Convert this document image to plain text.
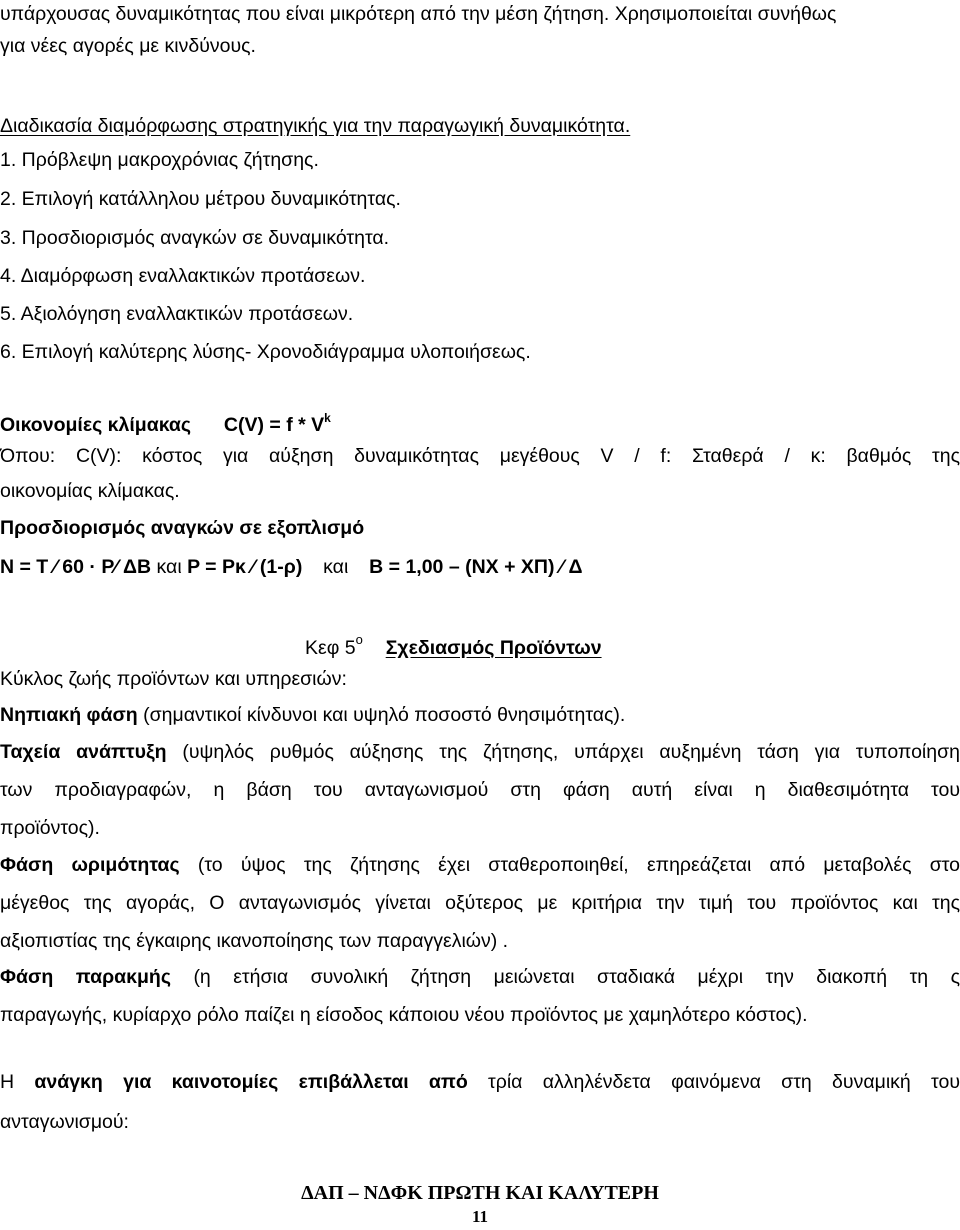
υπάρχουσας δυναμικότητας που είναι μικρότερη από την μέση ζήτηση. Χρησιμοποιείται συνήθως

για νέες αγορές με κινδύνους.

Διαδικασία διαμόρφωσης στρατηγικής για την παραγωγική δυναμικότητα.

1. Πρόβλεψη μακροχρόνιας ζήτησης.

2. Επιλογή κατάλληλου μέτρου δυναμικότητας.

3. Προσδιορισμός αναγκών σε δυναμικότητα.

4. Διαμόρφωση εναλλακτικών προτάσεων.

5. Αξιολόγηση εναλλακτικών προτάσεων.

6. Επιλογή καλύτερης λύσης- Χρονοδιάγραμμα υλοποιήσεως.

Οικονομίες κλίμακας $C(V) = f * V^k$

Όπου: C(V): κόστος για αύξηση δυναμικότητας μεγέθους V / f: Σταθερά / κ: βαθμός της

οικονομίας κλίμακας.

Προσδιορισμός αναγκών σε εξοπλισμό

N = T ⁄ 60 · P⁄ ΔB και P = Pκ ⁄ (1-ρ) και B = 1,00 – (NX + XΠ) ⁄ Δ

Κεφ $5^o$ Σχεδιασμός Προϊόντων

Κύκλος ζωής προϊόντων και υπηρεσιών:

Νηπιακή φάση (σημαντικοί κίνδυνοι και υψηλό ποσοστό θνησιμότητας).

Ταχεία ανάπτυξη (υψηλός ρυθμός αύξησης της ζήτησης, υπάρχει αυξημένη τάση για τυποποίηση

των προδιαγραφών, η βάση του ανταγωνισμού στη φάση αυτή είναι η διαθεσιμότητα του

προϊόντος).

Φάση ωριμότητας (το ύψος της ζήτησης έχει σταθεροποιηθεί, επηρεάζεται από μεταβολές στο

μέγεθος της αγοράς, Ο ανταγωνισμός γίνεται οξύτερος με κριτήρια την τιμή του προϊόντος και της

αξιοπιστίας της έγκαιρης ικανοποίησης των παραγγελιών) .

Φάση παρακμής (η ετήσια συνολική ζήτηση μειώνεται σταδιακά μέχρι την διακοπή τη ς

παραγωγής, κυρίαρχο ρόλο παίζει η είσοδος κάποιου νέου προϊόντος με χαμηλότερο κόστος).

Η ανάγκη για καινοτομίες επιβάλλεται από τρία αλληλένδετα φαινόμενα στη δυναμική του

ανταγωνισμού:

ΔΑΠ – ΝΔΦΚ ΠΡΩΤΗ ΚΑΙ ΚΑΛΥΤΕΡΗ
11
